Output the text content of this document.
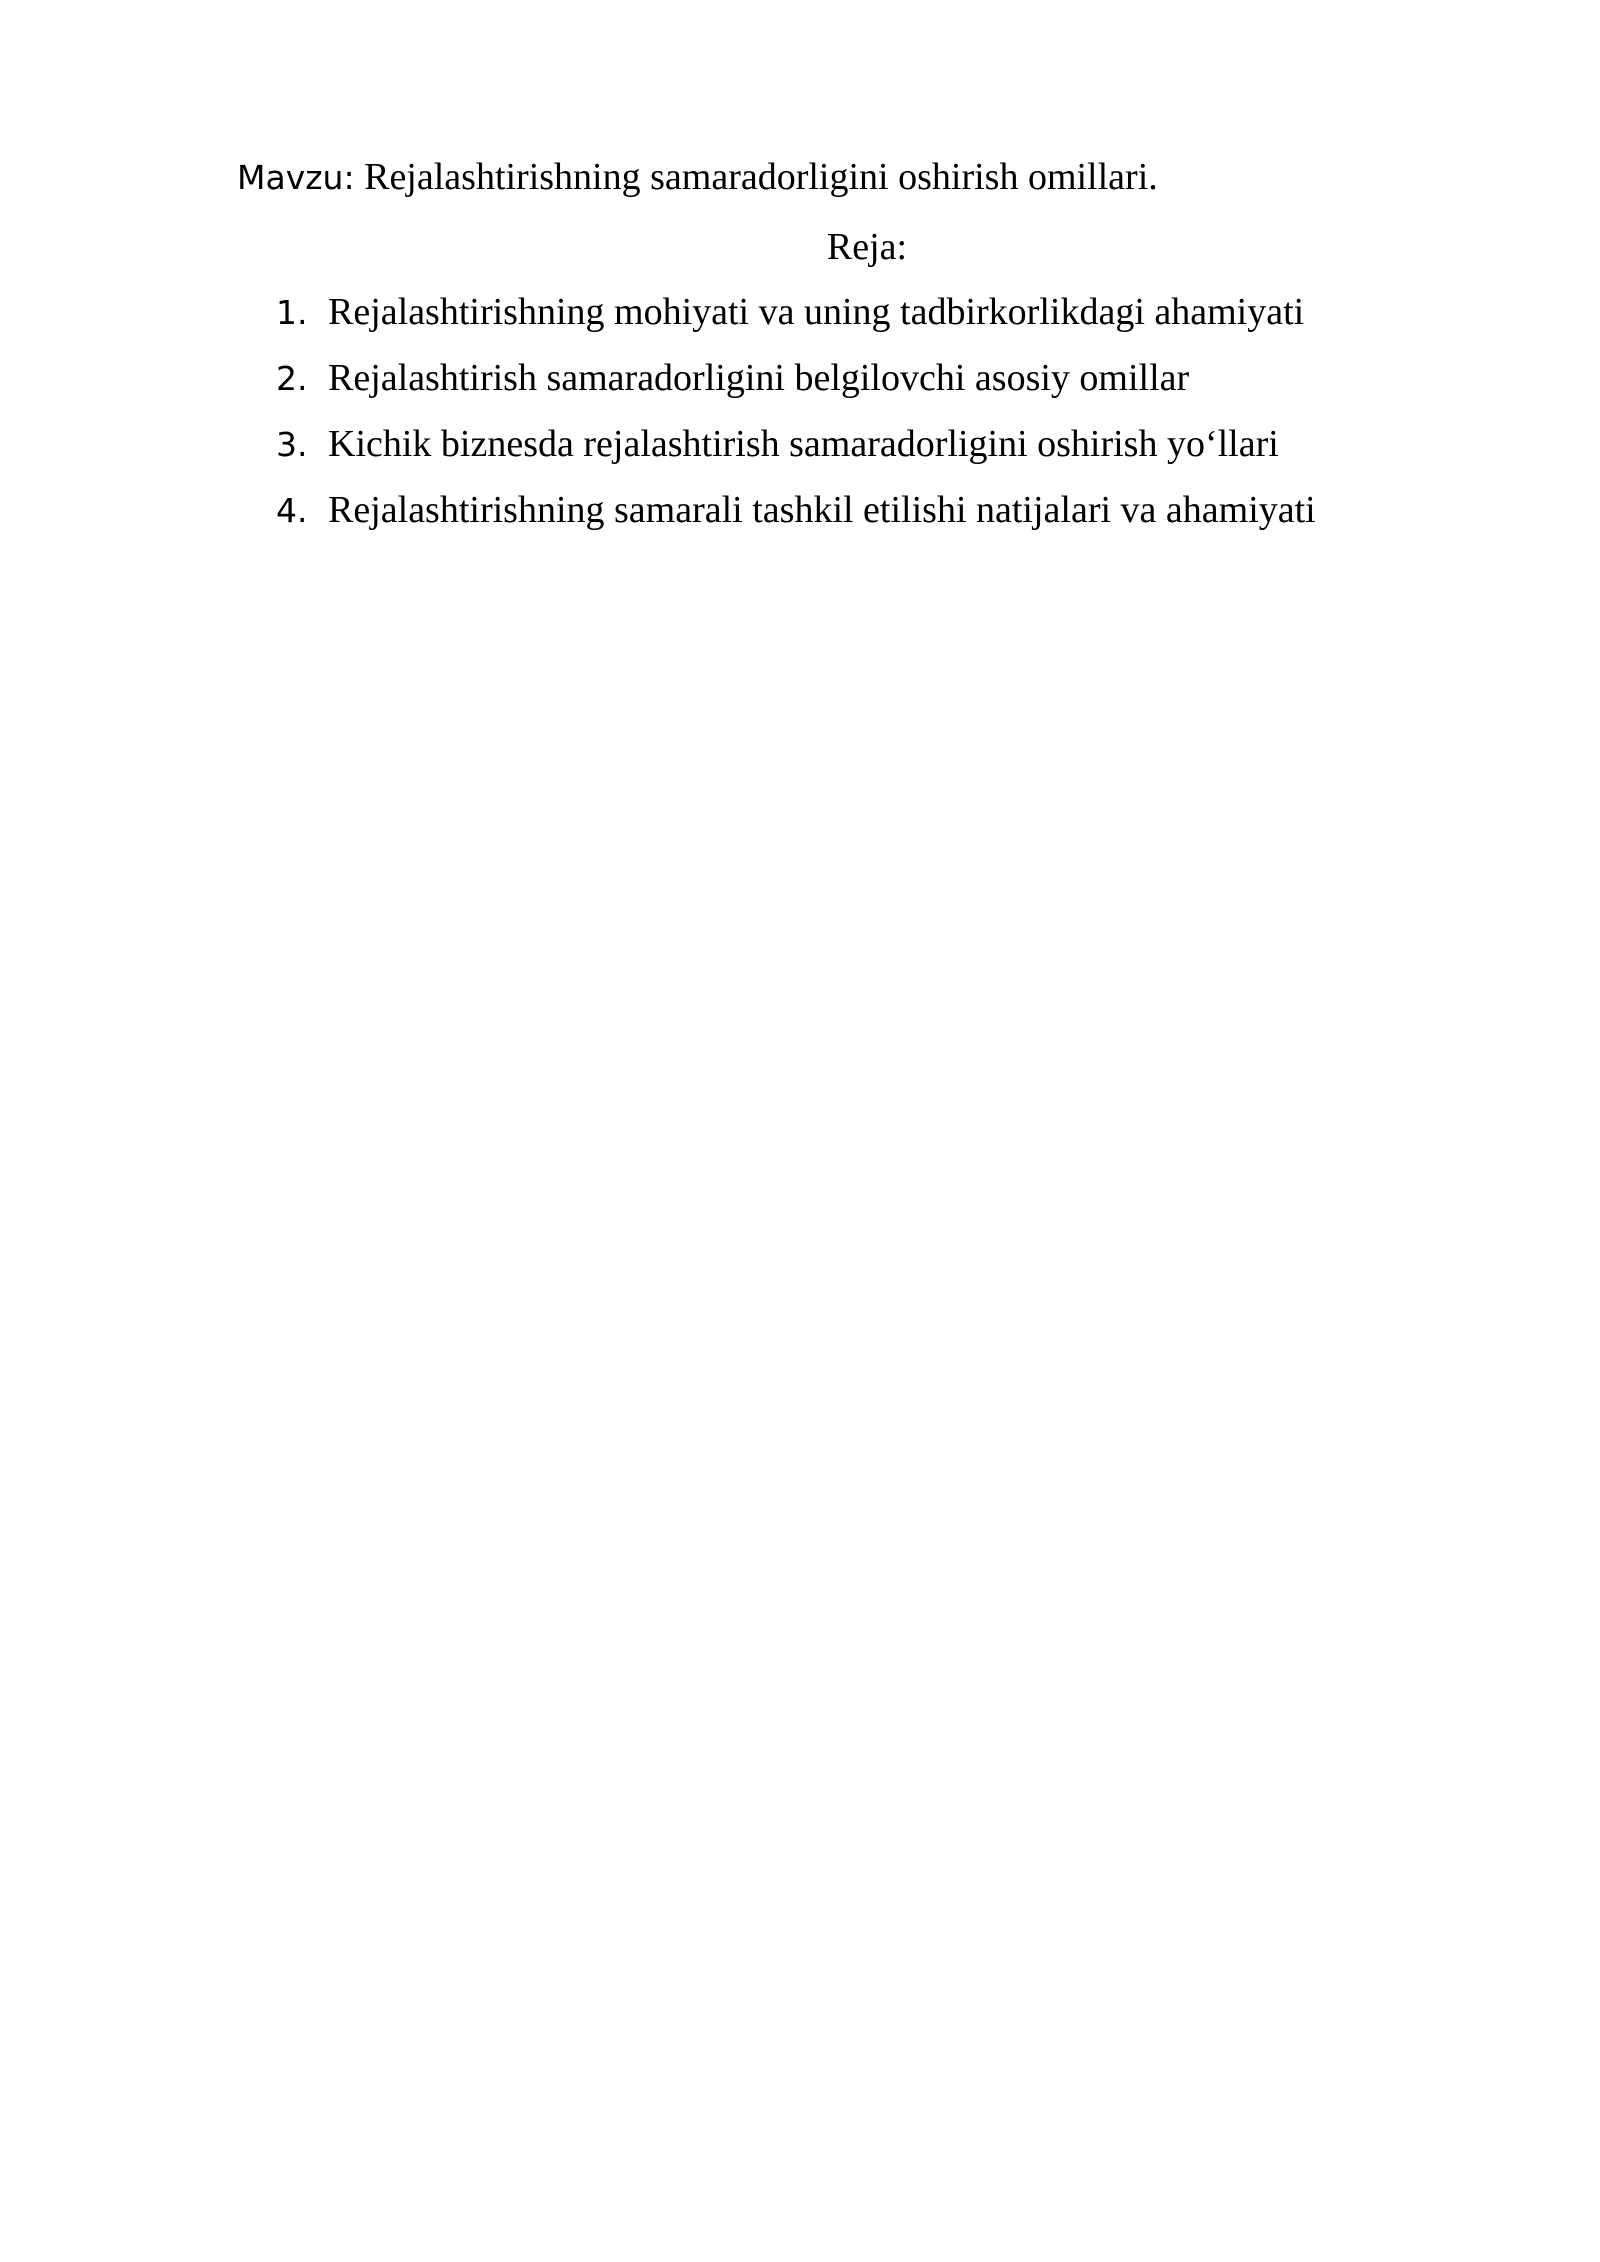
Mavzu: Rejalashtirishning samaradorligini oshirish omillari.
Reja:
1. Rejalashtirishning mohiyati va uning tadbirkorlikdagi ahamiyati
2. Rejalashtirish samaradorligini belgilovchi asosiy omillar
3. Kichik biznesda rejalashtirish samaradorligini oshirish yo‘llari
4. Rejalashtirishning samarali tashkil etilishi natijalari va ahamiyati
